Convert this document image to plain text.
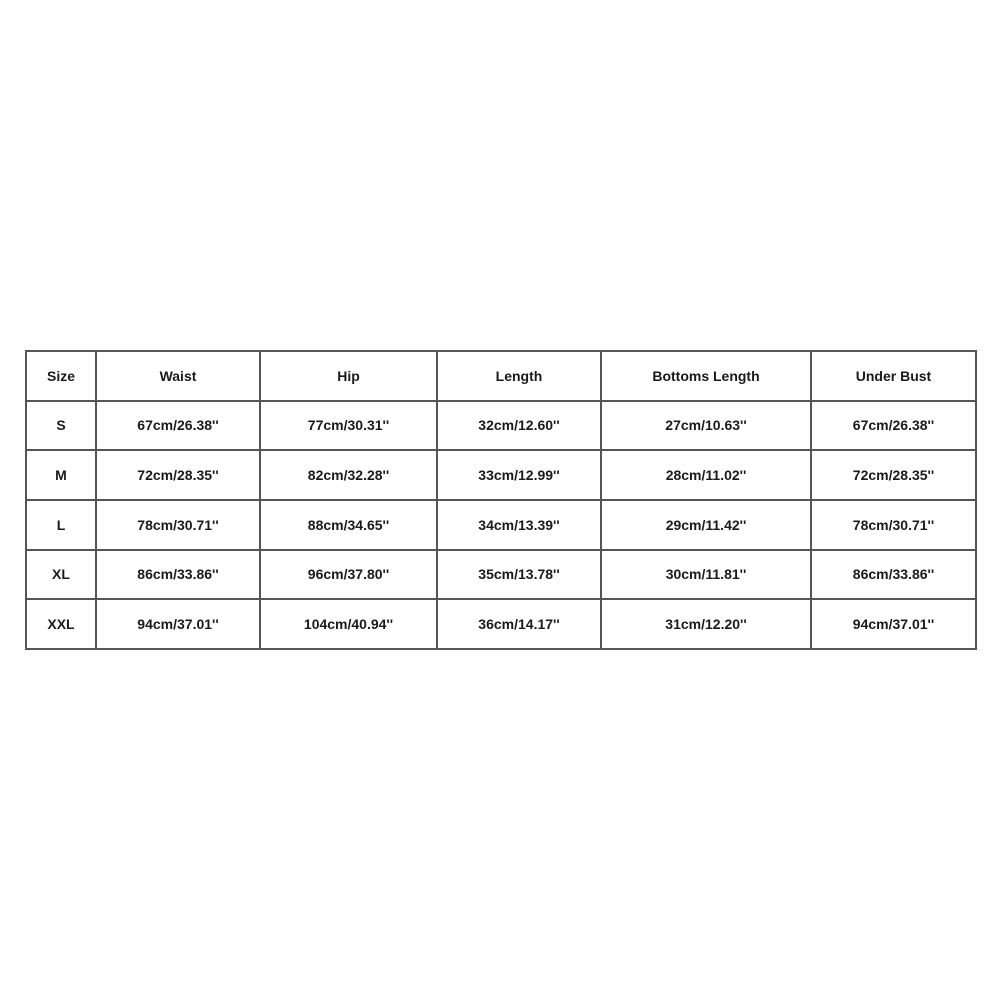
Size	Waist	Hip	Length	Bottoms Length	Under Bust
S	67cm/26.38''	77cm/30.31''	32cm/12.60''	27cm/10.63''	67cm/26.38''
M	72cm/28.35''	82cm/32.28''	33cm/12.99''	28cm/11.02''	72cm/28.35''
L	78cm/30.71''	88cm/34.65''	34cm/13.39''	29cm/11.42''	78cm/30.71''
XL	86cm/33.86''	96cm/37.80''	35cm/13.78''	30cm/11.81''	86cm/33.86''
XXL	94cm/37.01''	104cm/40.94''	36cm/14.17''	31cm/12.20''	94cm/37.01''
